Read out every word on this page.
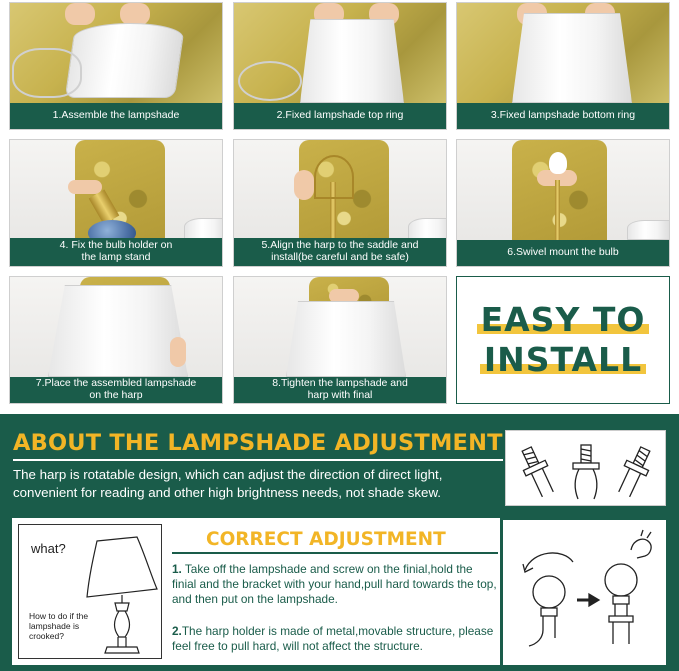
1.Assemble the lampshade	2.Fixed lampshade top ring	3.Fixed lampshade bottom ring
4. Fix the bulb holder on
the lamp stand
5.Align the harp to the saddle and
install(be careful and be safe)	6.Swivel mount the bulb
7.Place the assembled lampshade
on the harp
8.Tighten the lampshade and
harp with final
EASY TO
INSTALL
ABOUT THE LAMPSHADE ADJUSTMENT

The harp is rotatable design, which can adjust the direction of direct light,

convenient for reading and other high brightness needs, not shade skew.

what?
How to do if the lampshade is crooked?
CORRECT ADJUSTMENT
1. Take off the lampshade and screw on the finial,hold the finial and the bracket with your hand,pull hard towards the top, and then put on the lampshade.
2.The harp holder is made of metal,movable structure, please feel free to pull hard, will not affect the structure.
